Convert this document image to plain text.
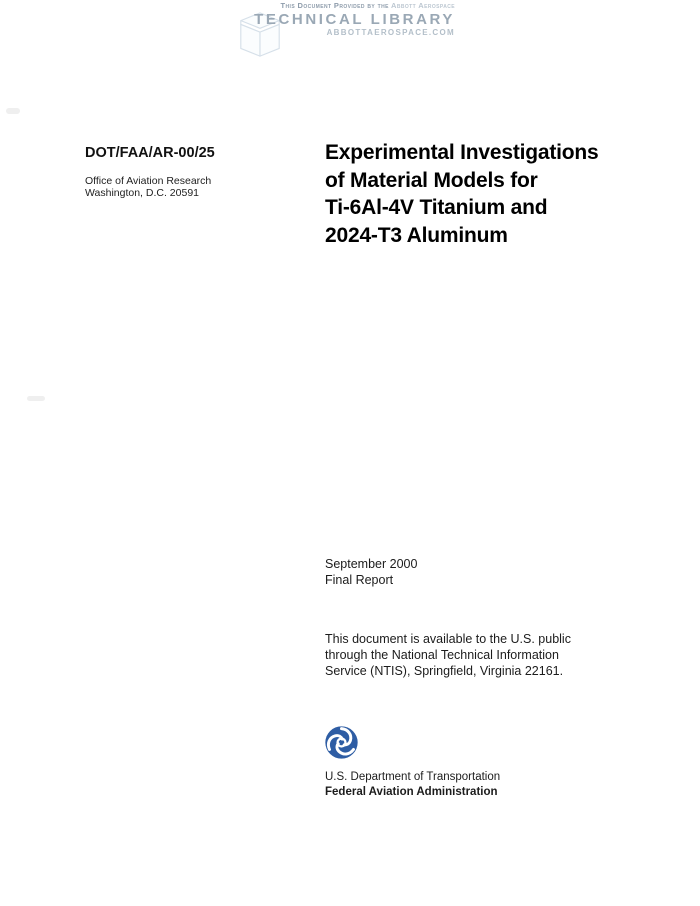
This Document Provided by the Abbott Aerospace
TECHNICAL LIBRARY
ABBOTTAEROSPACE.COM
DOT/FAA/AR-00/25
Office of Aviation Research
Washington, D.C. 20591
Experimental Investigations
of Material Models for
Ti-6Al-4V Titanium and
2024-T3 Aluminum
September 2000
Final Report
This document is available to the U.S. public
through the National Technical Information
Service (NTIS), Springfield, Virginia 22161.
U.S. Department of Transportation
Federal Aviation Administration
